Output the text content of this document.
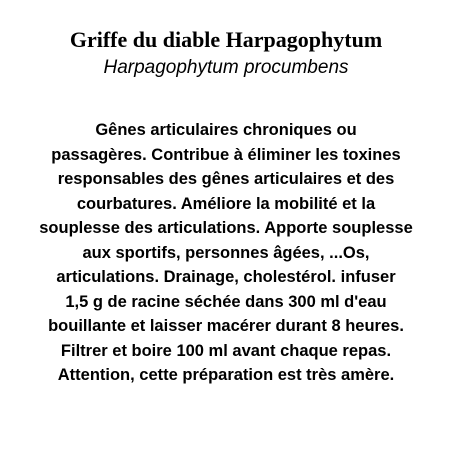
Griffe du diable Harpagophytum
Harpagophytum procumbens
Gênes articulaires chroniques ou
passagères. Contribue à éliminer les toxines
responsables des gênes articulaires et des
courbatures. Améliore la mobilité et la
souplesse des articulations. Apporte souplesse
aux sportifs, personnes âgées, ...Os,
articulations. Drainage, cholestérol. infuser
1,5 g de racine séchée dans 300 ml d'eau
bouillante et laisser macérer durant 8 heures.
Filtrer et boire 100 ml avant chaque repas.
Attention, cette préparation est très amère.
